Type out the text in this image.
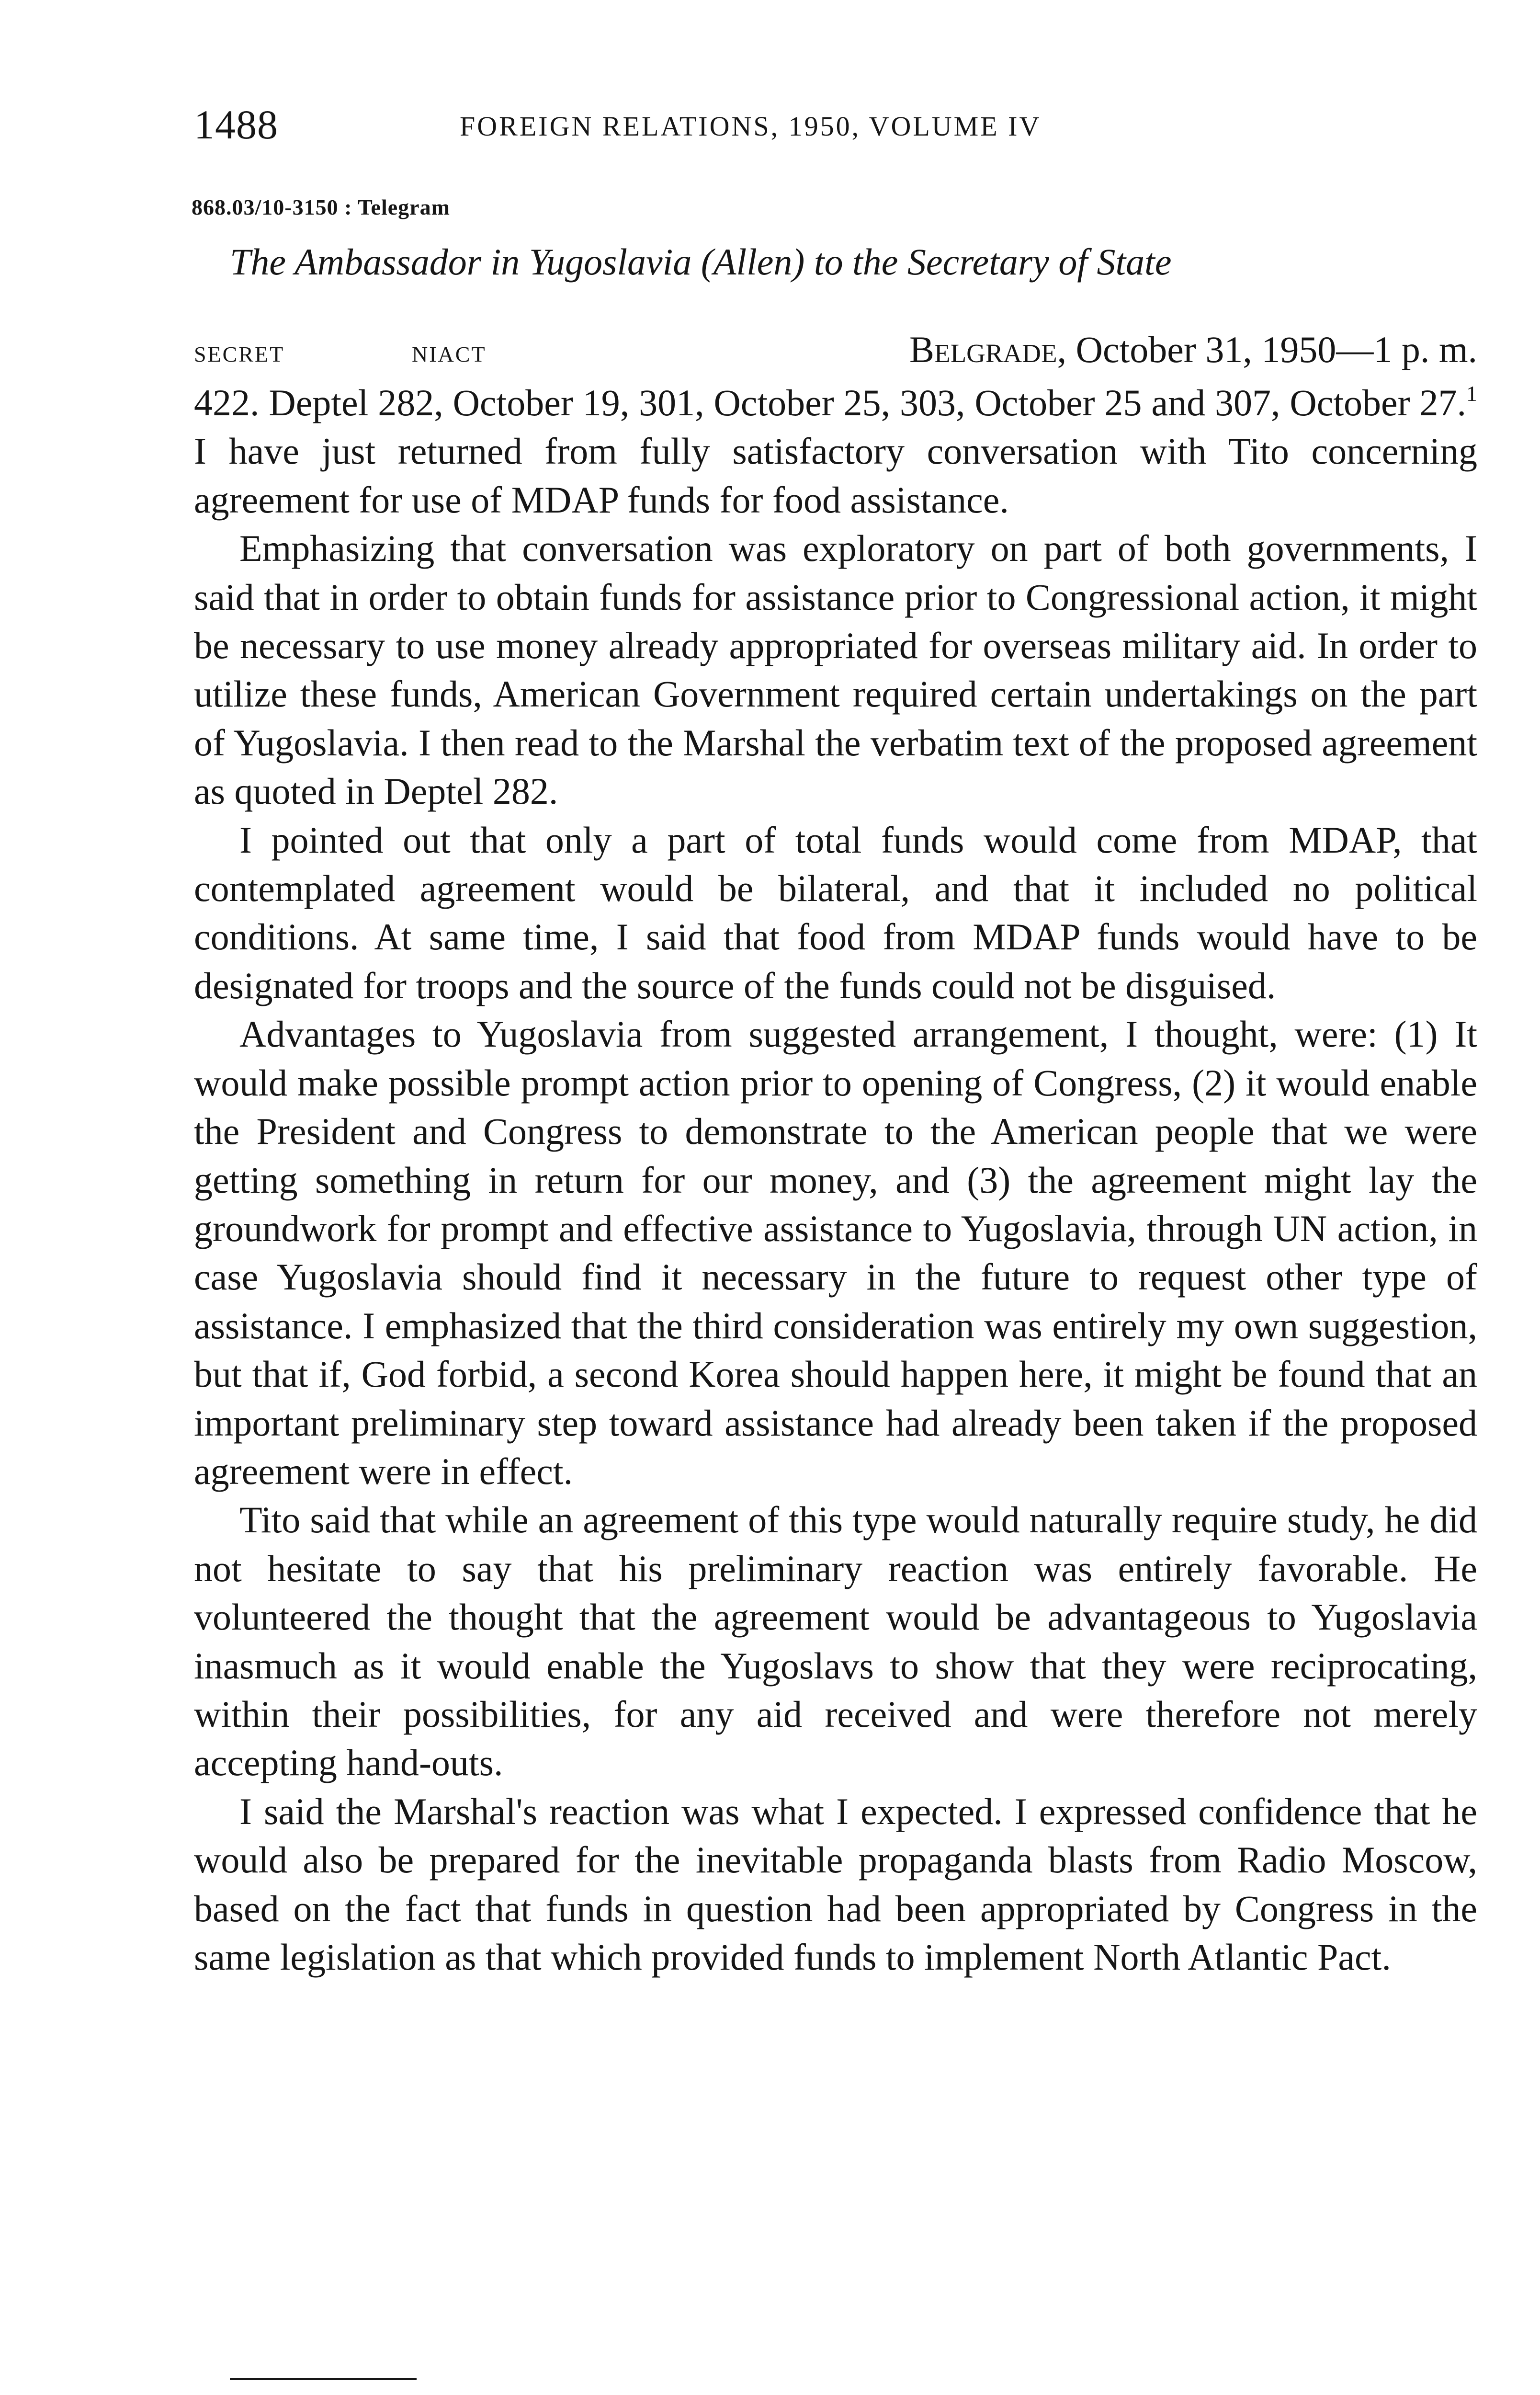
1488	FOREIGN RELATIONS, 1950, VOLUME IV
868.03/10-3150 : Telegram
The Ambassador in Yugoslavia (Allen) to the Secretary of State
SECRET	NIACT	Belgrade, October 31, 1950—1 p. m.

422. Deptel 282, October 19, 301, October 25, 303, October 25 and 307, October 27.$^1$ I have just returned from fully satisfactory conversation with Tito concerning agreement for use of MDAP funds for food assistance.

Emphasizing that conversation was exploratory on part of both governments, I said that in order to obtain funds for assistance prior to Congressional action, it might be necessary to use money already appropriated for overseas military aid. In order to utilize these funds, American Government required certain undertakings on the part of Yugoslavia. I then read to the Marshal the verbatim text of the proposed agreement as quoted in Deptel 282.

I pointed out that only a part of total funds would come from MDAP, that contemplated agreement would be bilateral, and that it included no political conditions. At same time, I said that food from MDAP funds would have to be designated for troops and the source of the funds could not be disguised.

Advantages to Yugoslavia from suggested arrangement, I thought, were: (1) It would make possible prompt action prior to opening of Congress, (2) it would enable the President and Congress to demonstrate to the American people that we were getting something in return for our money, and (3) the agreement might lay the groundwork for prompt and effective assistance to Yugoslavia, through UN action, in case Yugoslavia should find it necessary in the future to request other type of assistance. I emphasized that the third consideration was entirely my own suggestion, but that if, God forbid, a second Korea should happen here, it might be found that an important preliminary step toward assistance had already been taken if the proposed agreement were in effect.

Tito said that while an agreement of this type would naturally require study, he did not hesitate to say that his preliminary reaction was entirely favorable. He volunteered the thought that the agreement would be advantageous to Yugoslavia inasmuch as it would enable the Yugoslavs to show that they were reciprocating, within their possibilities, for any aid received and were therefore not merely accepting hand-outs.

I said the Marshal's reaction was what I expected. I expressed confidence that he would also be prepared for the inevitable propaganda blasts from Radio Moscow, based on the fact that funds in question had been appropriated by Congress in the same legislation as that which provided funds to implement North Atlantic Pact.
